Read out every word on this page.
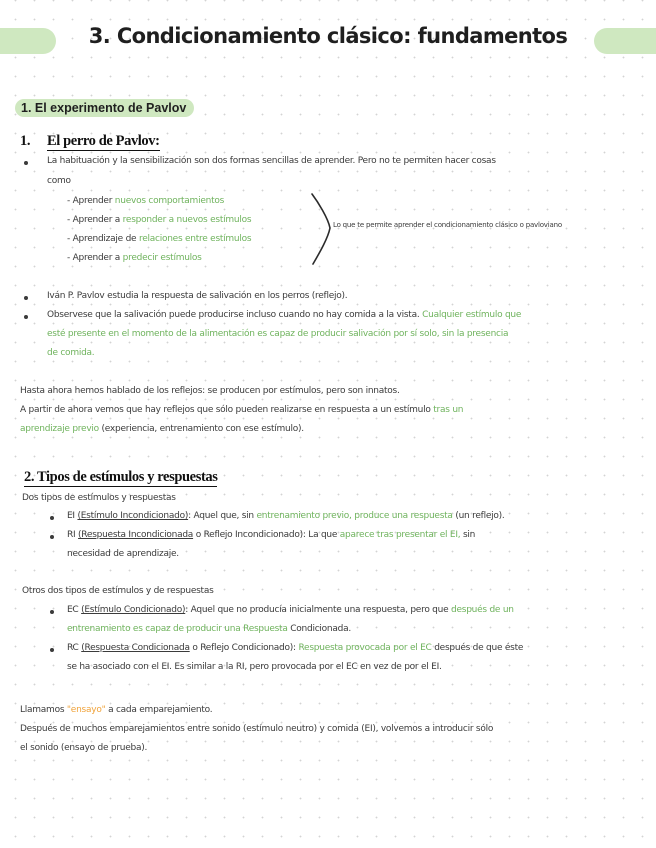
3. Condicionamiento clásico: fundamentos
1. El experimento de Pavlov
1. El perro de Pavlov:
La habituación y la sensibilización son dos formas sencillas de aprender. Pero no te permiten hacer cosas
como
- Aprender nuevos comportamientos
- Aprender a responder a nuevos estímulos
- Aprendizaje de relaciones entre estímulos
- Aprender a predecir estímulos
Lo que te permite aprender el condicionamiento clásico o pavloviano
Iván P. Pavlov estudia la respuesta de salivación en los perros (reflejo).
Observese que la salivación puede producirse incluso cuando no hay comida a la vista. Cualquier estímulo que
esté presente en el momento de la alimentación es capaz de producir salivación por sí solo, sin la presencia
de comida.
Hasta ahora hemos hablado de los reflejos: se producen por estímulos, pero son innatos.
A partir de ahora vemos que hay reflejos que sólo pueden realizarse en respuesta a un estímulo tras un
aprendizaje previo (experiencia, entrenamiento con ese estímulo).
2. Tipos de estímulos y respuestas
Dos tipos de estímulos y respuestas
EI (Estímulo Incondicionado): Aquel que, sin entrenamiento previo, produce una respuesta (un reflejo).
RI (Respuesta Incondicionada o Reflejo Incondicionado): La que aparece tras presentar el EI, sin
necesidad de aprendizaje.
Otros dos tipos de estímulos y de respuestas
EC (Estímulo Condicionado): Aquel que no producía inicialmente una respuesta, pero que después de un
entrenamiento es capaz de producir una Respuesta Condicionada.
RC (Respuesta Condicionada o Reflejo Condicionado): Respuesta provocada por el EC después de que éste
se ha asociado con el EI. Es similar a la RI, pero provocada por el EC en vez de por el EI.
Llamamos "ensayo" a cada emparejamiento.
Después de muchos emparejamientos entre sonido (estímulo neutro) y comida (EI), volvemos a introducir sólo
el sonido (ensayo de prueba).
